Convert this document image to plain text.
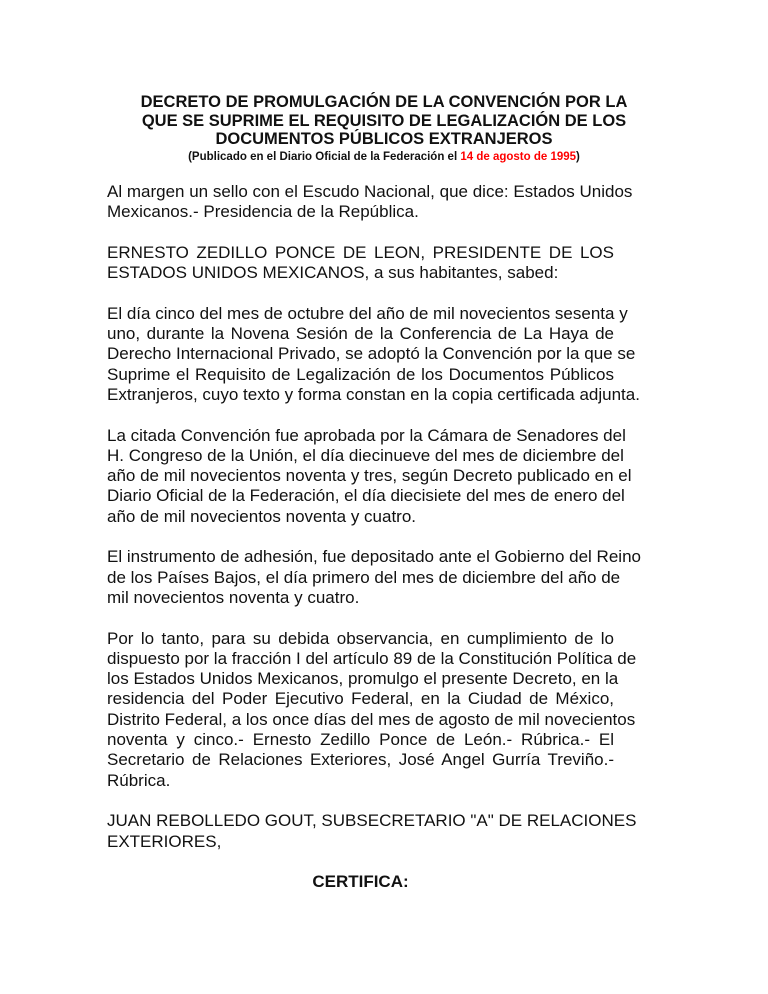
DECRETO DE PROMULGACIÓN DE LA CONVENCIÓN POR LA
QUE SE SUPRIME EL REQUISITO DE LEGALIZACIÓN DE LOS
DOCUMENTOS PÚBLICOS EXTRANJEROS
(Publicado en el Diario Oficial de la Federación el 14 de agosto de 1995)
Al margen un sello con el Escudo Nacional, que dice: Estados Unidos
Mexicanos.- Presidencia de la República.
ERNESTO ZEDILLO PONCE DE LEON, PRESIDENTE DE LOS
ESTADOS UNIDOS MEXICANOS, a sus habitantes, sabed:
El día cinco del mes de octubre del año de mil novecientos sesenta y
uno, durante la Novena Sesión de la Conferencia de La Haya de
Derecho Internacional Privado, se adoptó la Convención por la que se
Suprime el Requisito de Legalización de los Documentos Públicos
Extranjeros, cuyo texto y forma constan en la copia certificada adjunta.
La citada Convención fue aprobada por la Cámara de Senadores del
H. Congreso de la Unión, el día diecinueve del mes de diciembre del
año de mil novecientos noventa y tres, según Decreto publicado en el
Diario Oficial de la Federación, el día diecisiete del mes de enero del
año de mil novecientos noventa y cuatro.
El instrumento de adhesión, fue depositado ante el Gobierno del Reino
de los Países Bajos, el día primero del mes de diciembre del año de
mil novecientos noventa y cuatro.
Por lo tanto, para su debida observancia, en cumplimiento de lo
dispuesto por la fracción I del artículo 89 de la Constitución Política de
los Estados Unidos Mexicanos, promulgo el presente Decreto, en la
residencia del Poder Ejecutivo Federal, en la Ciudad de México,
Distrito Federal, a los once días del mes de agosto de mil novecientos
noventa y cinco.- Ernesto Zedillo Ponce de León.- Rúbrica.- El
Secretario de Relaciones Exteriores, José Angel Gurría Treviño.-
Rúbrica.
JUAN REBOLLEDO GOUT, SUBSECRETARIO "A" DE RELACIONES
EXTERIORES,
CERTIFICA:
